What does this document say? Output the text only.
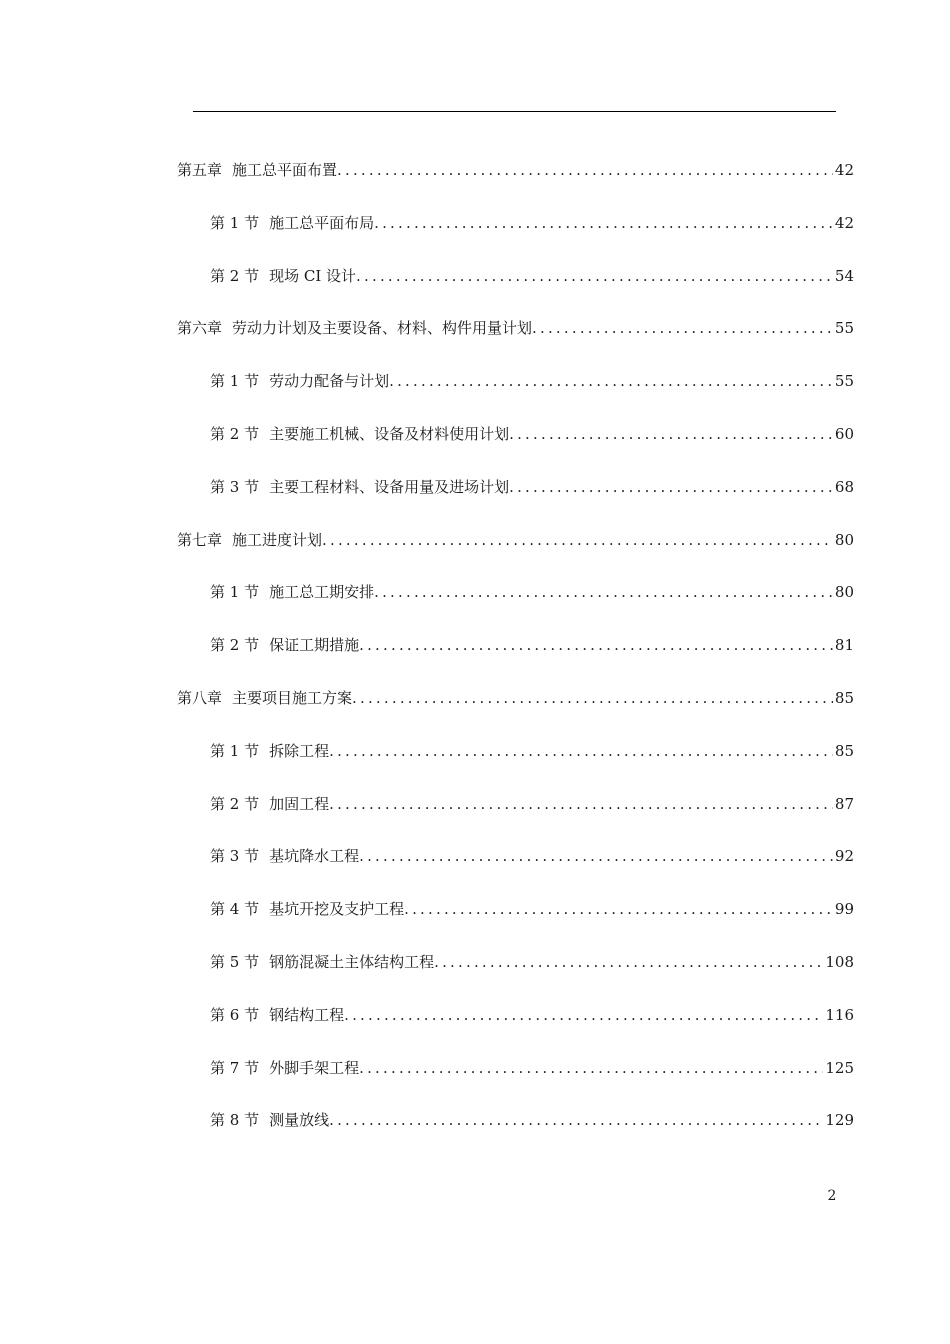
第五章 施工总平面布置 .....	42
第 1 节 施工总平面布局 .....	42
第 2 节 现场 CI 设计 .....	54
第六章 劳动力计划及主要设备、材料、构件用量计划 .....	55
第 1 节 劳动力配备与计划 .....	55
第 2 节 主要施工机械、设备及材料使用计划 .....	60
第 3 节 主要工程材料、设备用量及进场计划 .....	68
第七章 施工进度计划 .....	80
第 1 节 施工总工期安排 .....	80
第 2 节 保证工期措施 .....	81
第八章 主要项目施工方案 .....	85
第 1 节 拆除工程 .....	85
第 2 节 加固工程 .....	87
第 3 节 基坑降水工程 .....	92
第 4 节 基坑开挖及支护工程 .....	99
第 5 节 钢筋混凝土主体结构工程 .....	108
第 6 节 钢结构工程 .....	116
第 7 节 外脚手架工程 .....	125
第 8 节 测量放线 .....	129
2
